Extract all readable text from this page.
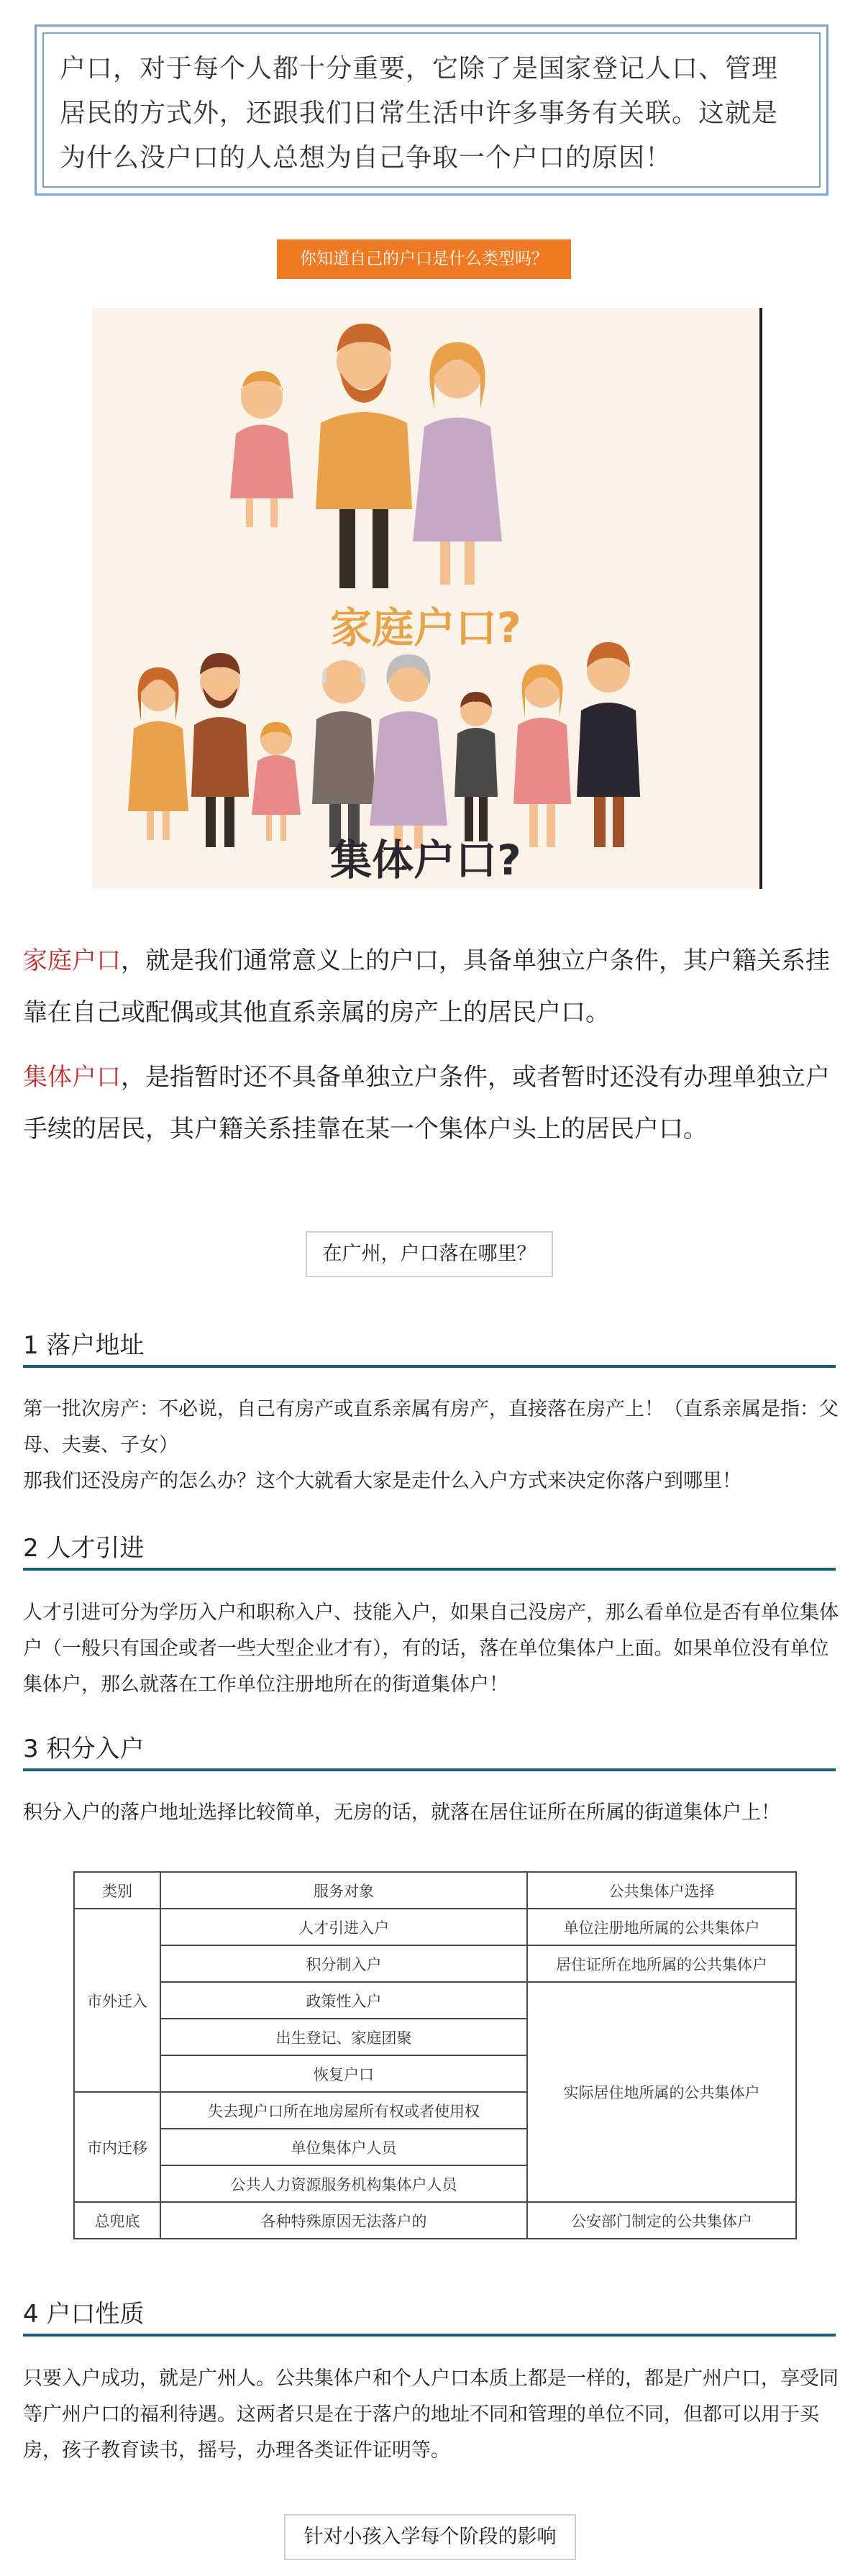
户口，对于每个人都十分重要，它除了是国家登记人口、管理居民的方式外，还跟我们日常生活中许多事务有关联。这就是为什么没户口的人总想为自己争取一个户口的原因！
你知道自己的户口是什么类型吗？
家庭户口?
集体户口?
家庭户口，就是我们通常意义上的户口，具备单独立户条件，其户籍关系挂靠在自己或配偶或其他直系亲属的房产上的居民户口。
集体户口，是指暂时还不具备单独立户条件，或者暂时还没有办理单独立户手续的居民，其户籍关系挂靠在某一个集体户头上的居民户口。
在广州，户口落在哪里？
1 落户地址
第一批次房产：不必说，自己有房产或直系亲属有房产，直接落在房产上！（直系亲属是指：父母、夫妻、子女）
那我们还没房产的怎么办？这个大就看大家是走什么入户方式来决定你落户到哪里！
2 人才引进
人才引进可分为学历入户和职称入户、技能入户，如果自己没房产，那么看单位是否有单位集体户（一般只有国企或者一些大型企业才有），有的话，落在单位集体户上面。如果单位没有单位集体户，那么就落在工作单位注册地所在的街道集体户！
3 积分入户
积分入户的落户地址选择比较简单，无房的话，就落在居住证所在所属的街道集体户上！
类别	服务对象	公共集体户选择
市外迁入	人才引进入户	单位注册地所属的公共集体户
	积分制入户	居住证所在地所属的公共集体户
	政策性入户	实际居住地所属的公共集体户
	出生登记、家庭团聚	
	恢复户口	
市内迁移	失去现户口所在地房屋所有权或者使用权	
	单位集体户人员	
	公共人力资源服务机构集体户人员	
总兜底	各种特殊原因无法落户的	公安部门制定的公共集体户
4 户口性质
只要入户成功，就是广州人。公共集体户和个人户口本质上都是一样的，都是广州户口，享受同等广州户口的福利待遇。这两者只是在于落户的地址不同和管理的单位不同，但都可以用于买房，孩子教育读书，摇号，办理各类证件证明等。
针对小孩入学每个阶段的影响
